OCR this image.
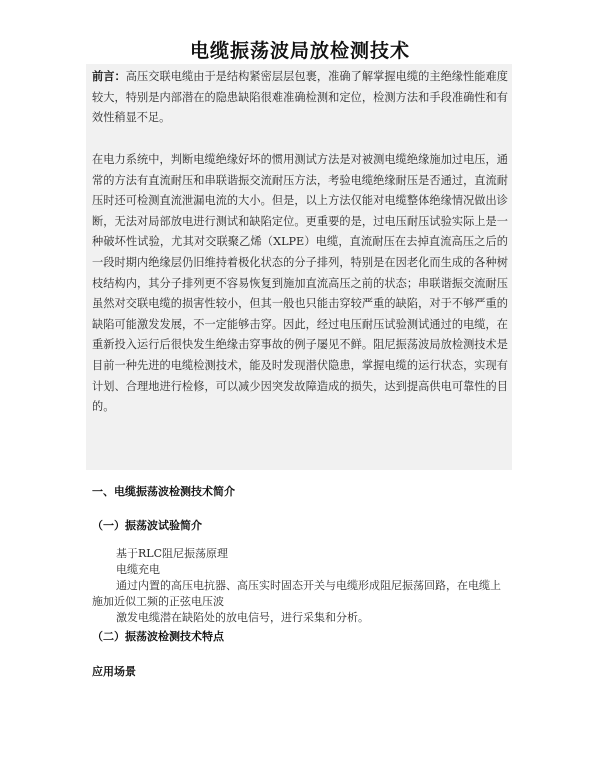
电缆振荡波局放检测技术

前言：高压交联电缆由于是结构紧密层层包裹，准确了解掌握电缆的主绝缘性能难度较大，特别是内部潜在的隐患缺陷很难准确检测和定位，检测方法和手段准确性和有效性稍显不足。

在电力系统中，判断电缆绝缘好坏的惯用测试方法是对被测电缆绝缘施加过电压，通常的方法有直流耐压和串联谐振交流耐压方法，考验电缆绝缘耐压是否通过，直流耐压时还可检测直流泄漏电流的大小。但是，以上方法仅能对电缆整体绝缘情况做出诊断，无法对局部放电进行测试和缺陷定位。更重要的是，过电压耐压试验实际上是一种破坏性试验，尤其对交联聚乙烯（XLPE）电缆，直流耐压在去掉直流高压之后的一段时期内绝缘层仍旧维持着极化状态的分子排列，特别是在因老化而生成的各种树枝结构内，其分子排列更不容易恢复到施加直流高压之前的状态；串联谐振交流耐压虽然对交联电缆的损害性较小，但其一般也只能击穿较严重的缺陷，对于不够严重的缺陷可能激发发展，不一定能够击穿。因此，经过电压耐压试验测试通过的电缆，在重新投入运行后很快发生绝缘击穿事故的例子屡见不鲜。阻尼振荡波局放检测技术是目前一种先进的电缆检测技术，能及时发现潜伏隐患，掌握电缆的运行状态，实现有计划、合理地进行检修，可以减少因突发故障造成的损失，达到提高供电可靠性的目的。

一、电缆振荡波检测技术简介
（一）振荡波试验简介
基于RLC阻尼振荡原理
电缆充电
通过内置的高压电抗器、高压实时固态开关与电缆形成阻尼振荡回路，在电缆上施加近似工频的正弦电压波
激发电缆潜在缺陷处的放电信号，进行采集和分析。
（二）振荡波检测技术特点
应用场景
